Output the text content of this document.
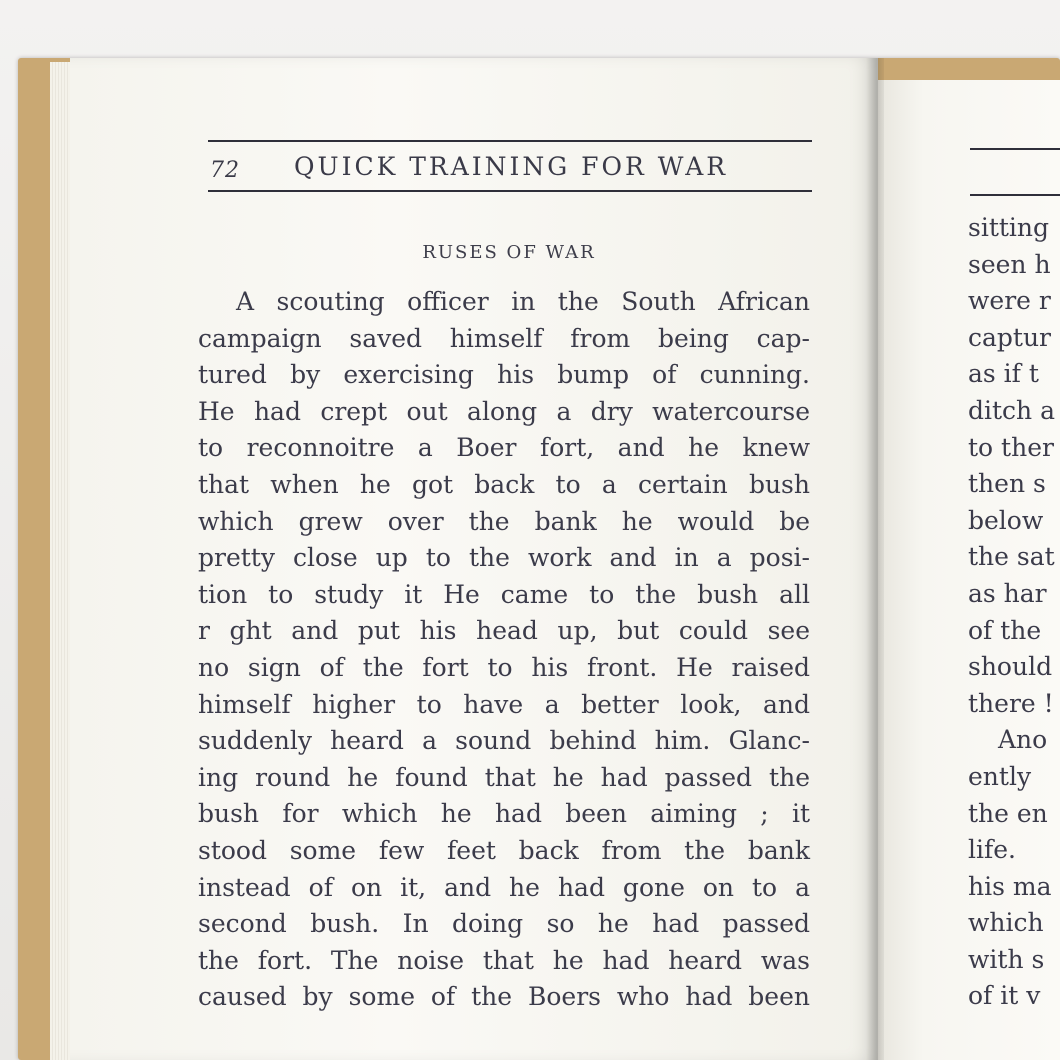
72 QUICK TRAINING FOR WAR
RUSES OF WAR
A scouting officer in the South African
campaign saved himself from being cap-
tured by exercising his bump of cunning.
He had crept out along a dry watercourse
to reconnoitre a Boer fort, and he knew
that when he got back to a certain bush
which grew over the bank he would be
pretty close up to the work and in a posi-
tion to study it He came to the bush all
r ght and put his head up, but could see
no sign of the fort to his front. He raised
himself higher to have a better look, and
suddenly heard a sound behind him. Glanc-
ing round he found that he had passed the
bush for which he had been aiming ; it
stood some few feet back from the bank
instead of on it, and he had gone on to a
second bush. In doing so he had passed
the fort. The noise that he had heard was
caused by some of the Boers who had been
sitting
seen h
were r
captur
as if t
ditch a
to ther
then s
below
the sat
as har
of the
should
there !
Ano
ently
the en
life.
his ma
which
with s
of it v
